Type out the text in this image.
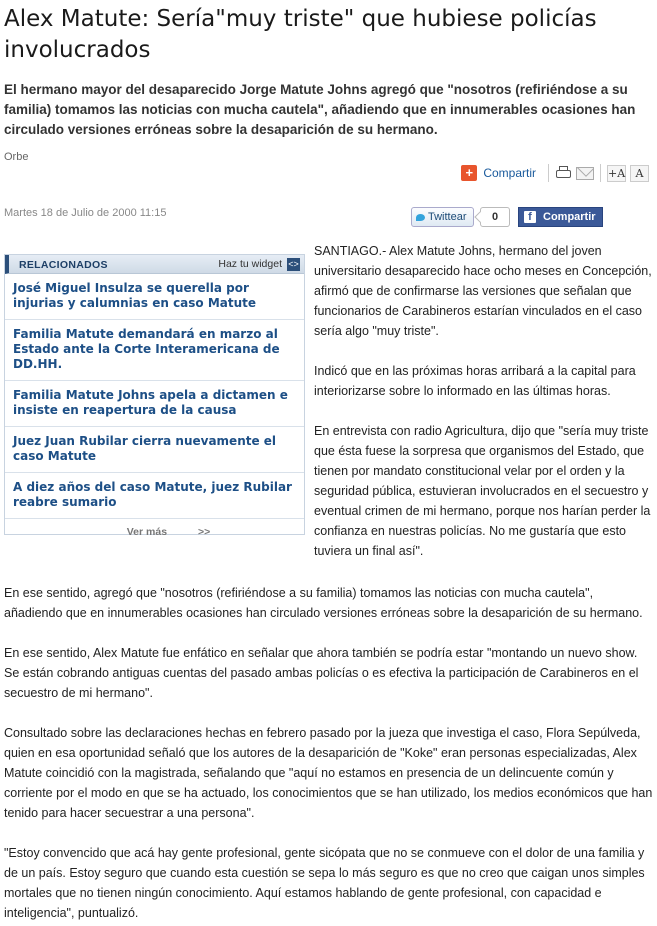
Alex Matute: Sería"muy triste" que hubiese policías involucrados
El hermano mayor del desaparecido Jorge Matute Johns agregó que "nosotros (refiriéndose a su familia) tomamos las noticias con mucha cautela", añadiendo que en innumerables ocasiones han circulado versiones erróneas sobre la desaparición de su hermano.
Orbe
+ Compartir	+A A
Martes 18 de Julio de 2000 11:15	Twittear	0	f	Compartir
RELACIONADOS	Haz tu widget <>
José Miguel Insulza se querella por injurias y calumnias en caso Matute
Familia Matute demandará en marzo al Estado ante la Corte Interamericana de DD.HH.
Familia Matute Johns apela a dictamen e insiste en reapertura de la causa
Juez Juan Rubilar cierra nuevamente el caso Matute
A diez años del caso Matute, juez Rubilar reabre sumario
Ver más	>>

SANTIAGO.- Alex Matute Johns, hermano del joven universitario desaparecido hace ocho meses en Concepción, afirmó que de confirmarse las versiones que señalan que funcionarios de Carabineros estarían vinculados en el caso sería algo "muy triste".

Indicó que en las próximas horas arribará a la capital para interiorizarse sobre lo informado en las últimas horas.

En entrevista con radio Agricultura, dijo que "sería muy triste que ésta fuese la sorpresa que organismos del Estado, que tienen por mandato constitucional velar por el orden y la seguridad pública, estuvieran involucrados en el secuestro y eventual crimen de mi hermano, porque nos harían perder la confianza en nuestras policías. No me gustaría que esto tuviera un final así".

En ese sentido, agregó que "nosotros (refiriéndose a su familia) tomamos las noticias con mucha cautela", añadiendo que en innumerables ocasiones han circulado versiones erróneas sobre la desaparición de su hermano.

En ese sentido, Alex Matute fue enfático en señalar que ahora también se podría estar "montando un nuevo show. Se están cobrando antiguas cuentas del pasado ambas policías o es efectiva la participación de Carabineros en el secuestro de mi hermano".

Consultado sobre las declaraciones hechas en febrero pasado por la jueza que investiga el caso, Flora Sepúlveda, quien en esa oportunidad señaló que los autores de la desaparición de "Koke" eran personas especializadas, Alex Matute coincidió con la magistrada, señalando que "aquí no estamos en presencia de un delincuente común y corriente por el modo en que se ha actuado, los conocimientos que se han utilizado, los medios económicos que han tenido para hacer secuestrar a una persona".

"Estoy convencido que acá hay gente profesional, gente sicópata que no se conmueve con el dolor de una familia y de un país. Estoy seguro que cuando esta cuestión se sepa lo más seguro es que no creo que caigan unos simples mortales que no tienen ningún conocimiento. Aquí estamos hablando de gente profesional, con capacidad e inteligencia", puntualizó.
